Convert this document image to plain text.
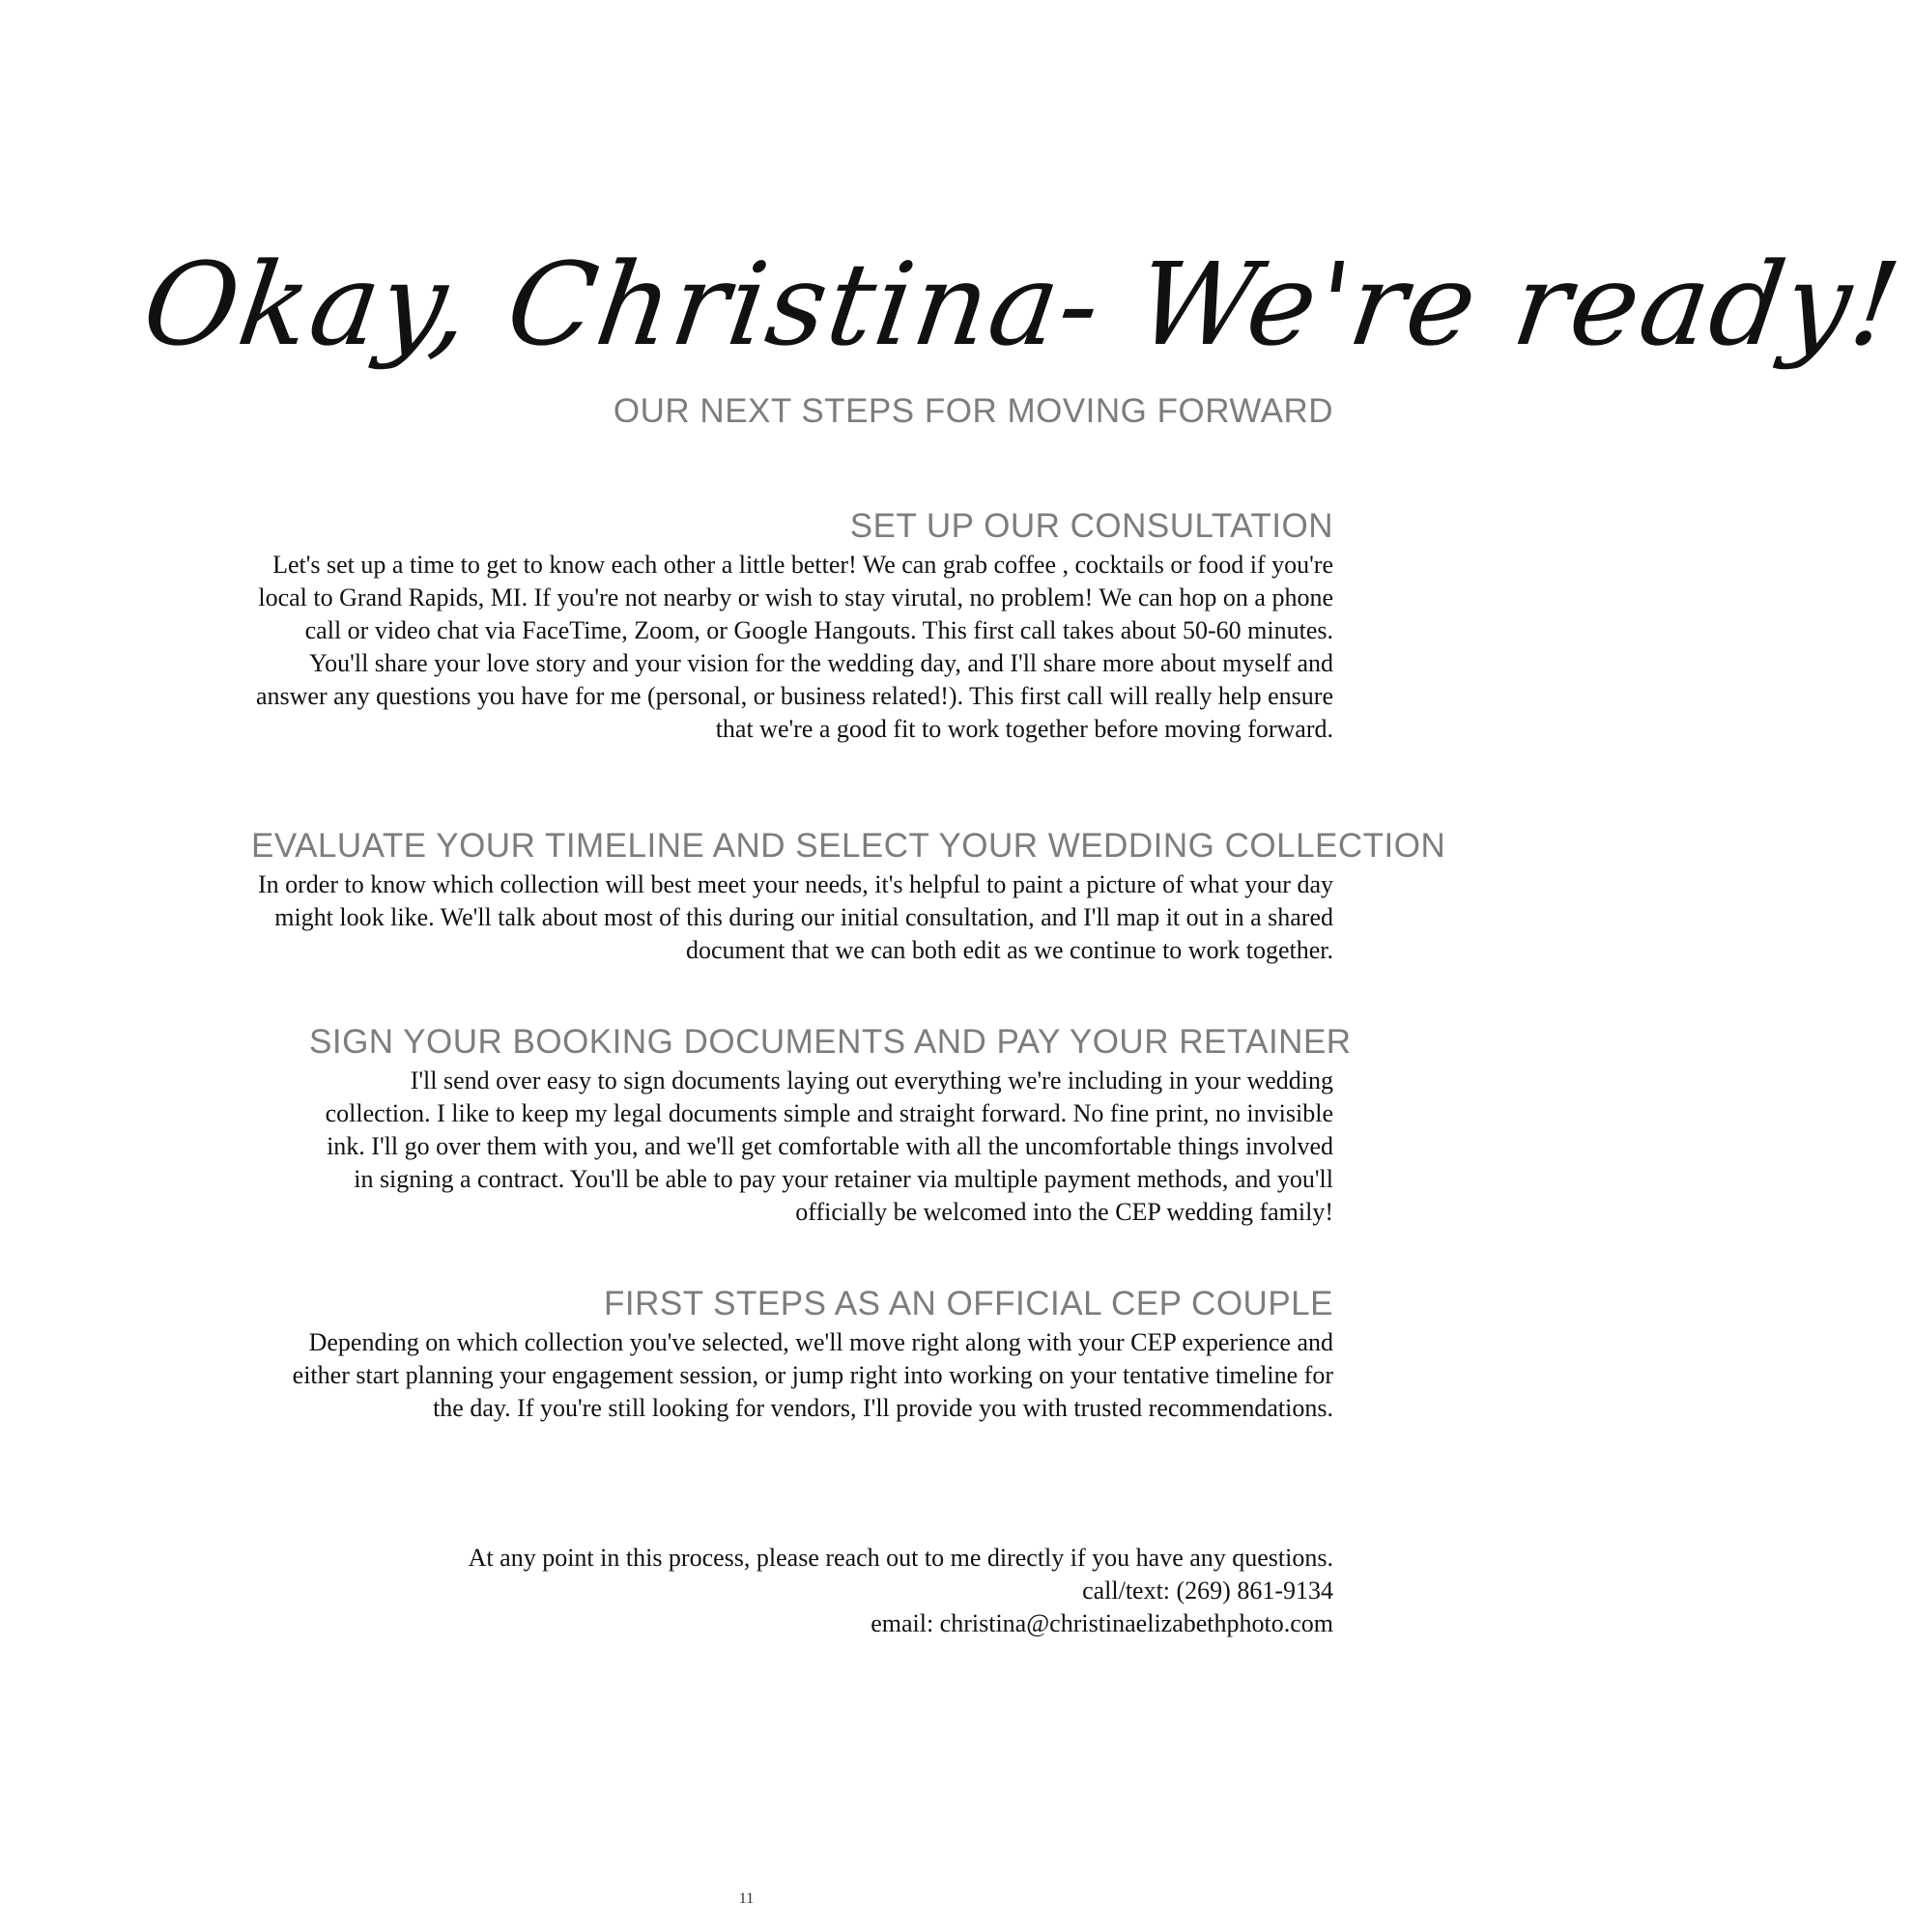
Okay, Christina- We're ready!
OUR NEXT STEPS FOR MOVING FORWARD
SET UP OUR CONSULTATION

Let's set up a time to get to know each other a little better! We can grab coffee , cocktails or food if you're local to Grand Rapids, MI. If you're not nearby or wish to stay virutal, no problem! We can hop on a phone call or video chat via FaceTime, Zoom, or Google Hangouts. This first call takes about 50-60 minutes. You'll share your love story and your vision for the wedding day, and I'll share more about myself and answer any questions you have for me (personal, or business related!). This first call will really help ensure that we're a good fit to work together before moving forward.

EVALUATE YOUR TIMELINE AND SELECT YOUR WEDDING COLLECTION

In order to know which collection will best meet your needs, it's helpful to paint a picture of what your day might look like. We'll talk about most of this during our initial consultation, and I'll map it out in a shared document that we can both edit as we continue to work together.

SIGN YOUR BOOKING DOCUMENTS AND PAY YOUR RETAINER

I'll send over easy to sign documents laying out everything we're including in your wedding collection. I like to keep my legal documents simple and straight forward. No fine print, no invisible ink. I'll go over them with you, and we'll get comfortable with all the uncomfortable things involved in signing a contract. You'll be able to pay your retainer via multiple payment methods, and you'll officially be welcomed into the CEP wedding family!

FIRST STEPS AS AN OFFICIAL CEP COUPLE

Depending on which collection you've selected, we'll move right along with your CEP experience and either start planning your engagement session, or jump right into working on your tentative timeline for the day. If you're still looking for vendors, I'll provide you with trusted recommendations.

At any point in this process, please reach out to me directly if you have any questions.
call/text: (269) 861-9134
email: christina@christinaelizabethphoto.com
11
